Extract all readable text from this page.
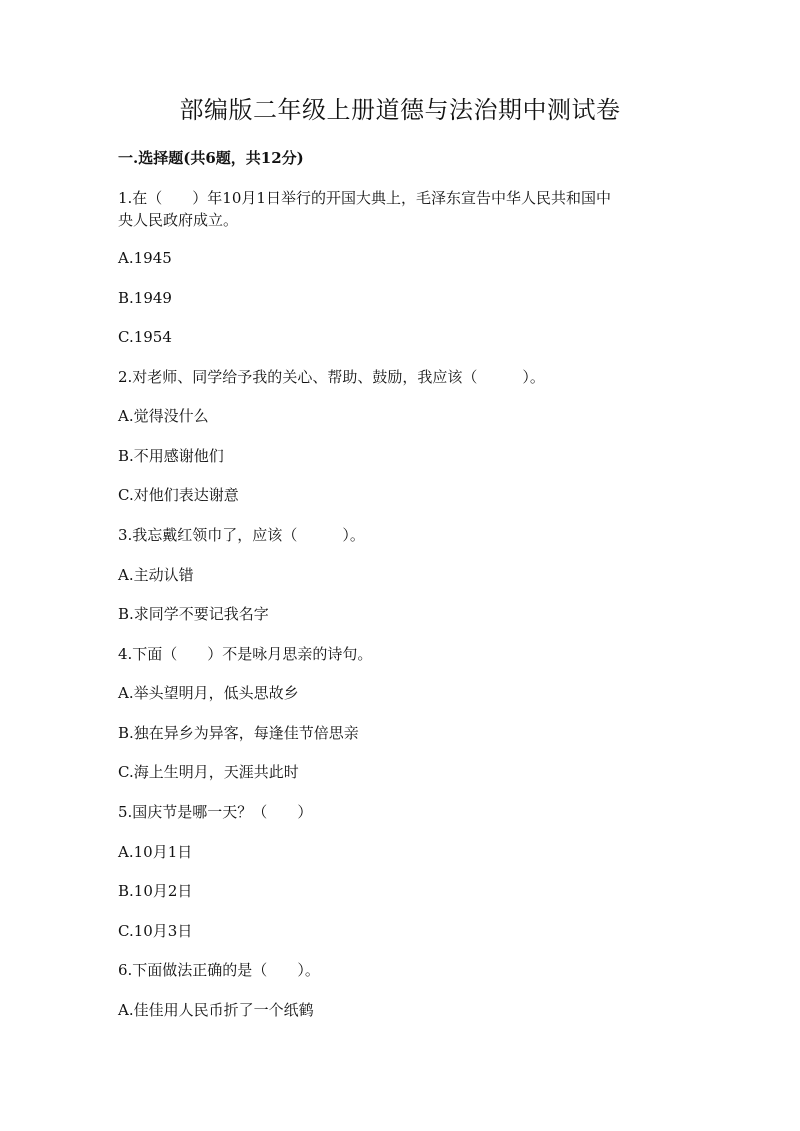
部编版二年级上册道德与法治期中测试卷
一.选择题(共6题，共12分)

1.在（　　）年10月1日举行的开国大典上，毛泽东宣告中华人民共和国中

央人民政府成立。

A.1945

B.1949

C.1954

2.对老师、同学给予我的关心、帮助、鼓励，我应该（　　　）。

A.觉得没什么

B.不用感谢他们

C.对他们表达谢意

3.我忘戴红领巾了，应该（　　　）。

A.主动认错

B.求同学不要记我名字

4.下面（　　）不是咏月思亲的诗句。

A.举头望明月，低头思故乡

B.独在异乡为异客，每逢佳节倍思亲

C.海上生明月，天涯共此时

5.国庆节是哪一天？（　　）

A.10月1日

B.10月2日

C.10月3日

6.下面做法正确的是（　　）。

A.佳佳用人民币折了一个纸鹤
